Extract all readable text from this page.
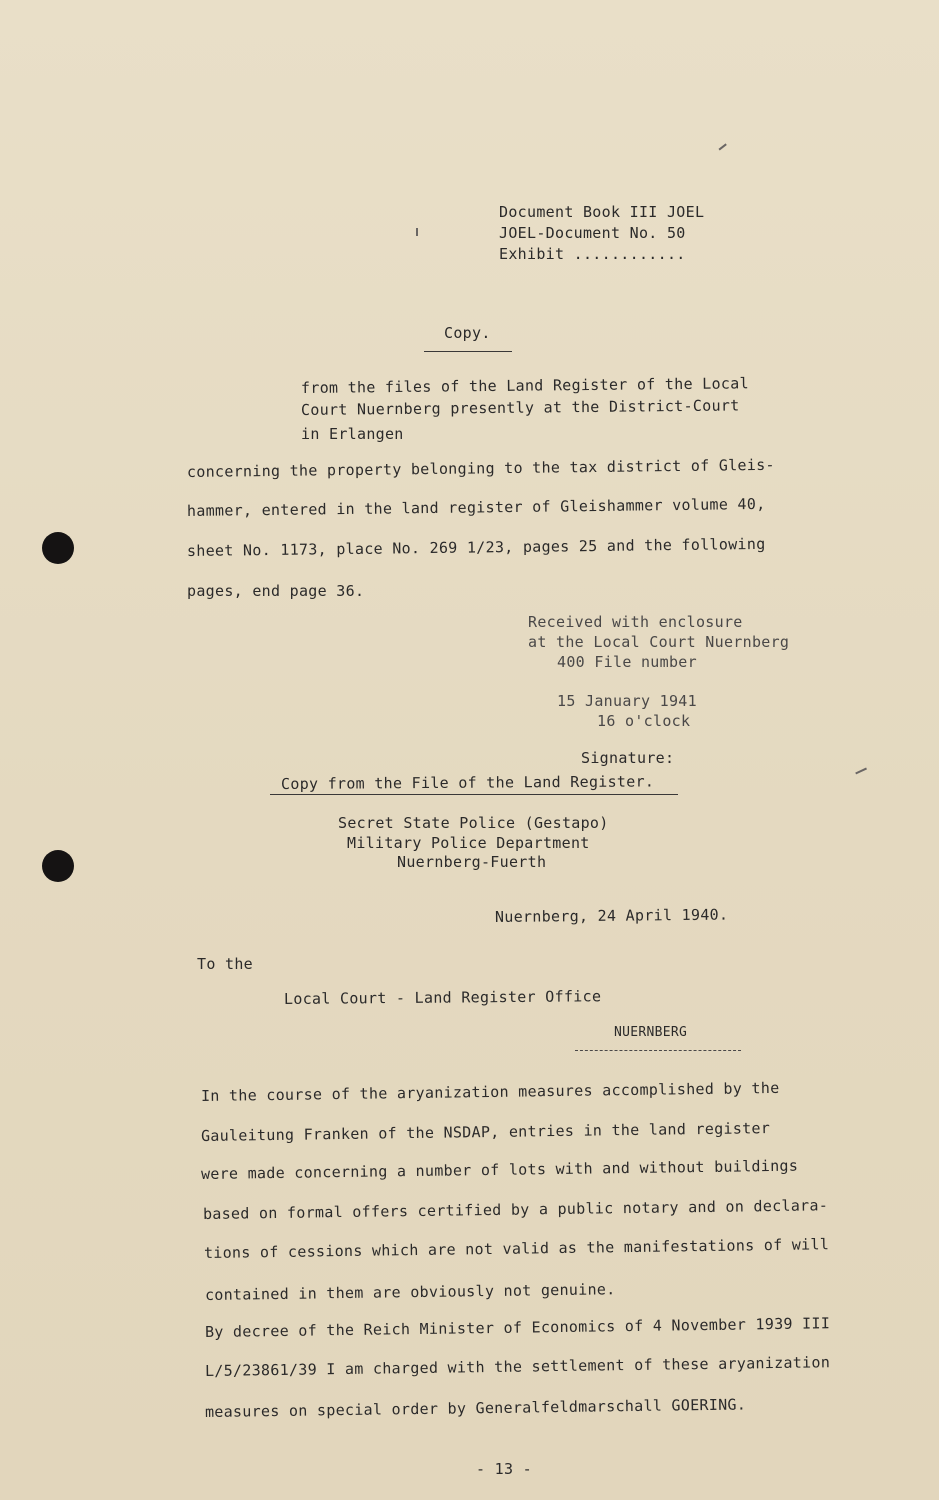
Document Book III JOEL
JOEL-Document No. 50
Exhibit ............
Copy.
from the files of the Land Register of the Local
Court Nuernberg presently at the District-Court
in Erlangen
concerning the property belonging to the tax district of Gleis-
hammer, entered in the land register of Gleishammer volume 40,
sheet No. 1173, place No. 269 1/23, pages 25 and the following
pages, end page 36.
Received with enclosure
at the Local Court Nuernberg
400 File number
15 January 1941
16 o'clock
Signature:
Copy from the File of the Land Register.
Secret State Police (Gestapo)
Military Police Department
Nuernberg-Fuerth
Nuernberg, 24 April 1940.
To the
Local Court - Land Register Office
NUERNBERG
In the course of the aryanization measures accomplished by the
Gauleitung Franken of the NSDAP, entries in the land register
were made concerning a number of lots with and without buildings
based on formal offers certified by a public notary and on declara-
tions of cessions which are not valid as the manifestations of will
contained in them are obviously not genuine.
By decree of the Reich Minister of Economics of 4 November 1939 III
L/5/23861/39 I am charged with the settlement of these aryanization
measures on special order by Generalfeldmarschall GOERING.
- 13 -
